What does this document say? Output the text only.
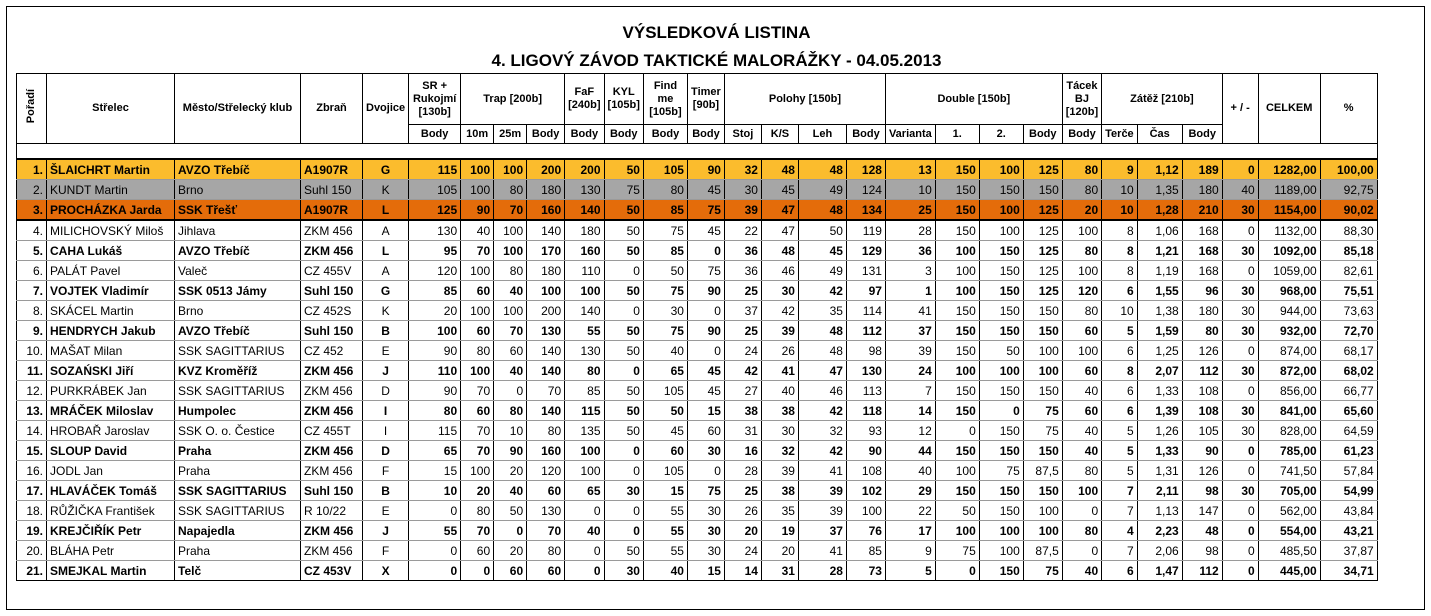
VÝSLEDKOVÁ LISTINA
4. LIGOVÝ ZÁVOD TAKTICKÉ MALORÁŽKY - 04.05.2013
Pořadí	Střelec	Město/Střelecký klub	Zbraň	Dvojice	SR + Rukojmí [130b]	Trap [200b]			FaF [240b]	KYL [105b]	Find me [105b]	Timer [90b]	Polohy [150b]				Double [150b]				Tácek BJ [120b]	Zátěž [210b]			+ / -	CELKEM	%
					Body	10m	25m	Body	Body	Body	Body	Body	Stoj	K/S	Leh	Body	Varianta	1.	2.	Body	Body	Terče	Čas	Body			

1.	ŠLAICHRT Martin	AVZO Třebíč	A1907R	G	115	100	100	200	200	50	105	90	32	48	48	128	13	150	100	125	80	9	1,12	189	0	1282,00	100,00
2.	KUNDT Martin	Brno	Suhl 150	K	105	100	80	180	130	75	80	45	30	45	49	124	10	150	150	150	80	10	1,35	180	40	1189,00	92,75
3.	PROCHÁZKA Jarda	SSK Třešť	A1907R	L	125	90	70	160	140	50	85	75	39	47	48	134	25	150	100	125	20	10	1,28	210	30	1154,00	90,02
4.	MILICHOVSKÝ Miloš	Jihlava	ZKM 456	A	130	40	100	140	180	50	75	45	22	47	50	119	28	150	100	125	100	8	1,06	168	0	1132,00	88,30
5.	CAHA Lukáš	AVZO Třebíč	ZKM 456	L	95	70	100	170	160	50	85	0	36	48	45	129	36	100	150	125	80	8	1,21	168	30	1092,00	85,18
6.	PALÁT Pavel	Valeč	CZ 455V	A	120	100	80	180	110	0	50	75	36	46	49	131	3	100	150	125	100	8	1,19	168	0	1059,00	82,61
7.	VOJTEK Vladimír	SSK 0513 Jámy	Suhl 150	G	85	60	40	100	100	50	75	90	25	30	42	97	1	100	150	125	120	6	1,55	96	30	968,00	75,51
8.	SKÁCEL Martin	Brno	CZ 452S	K	20	100	100	200	140	0	30	0	37	42	35	114	41	150	150	150	80	10	1,38	180	30	944,00	73,63
9.	HENDRYCH Jakub	AVZO Třebíč	Suhl 150	B	100	60	70	130	55	50	75	90	25	39	48	112	37	150	150	150	60	5	1,59	80	30	932,00	72,70
10.	MAŠAT Milan	SSK SAGITTARIUS	CZ 452	E	90	80	60	140	130	50	40	0	24	26	48	98	39	150	50	100	100	6	1,25	126	0	874,00	68,17
11.	SOZAŃSKI Jiří	KVZ Kroměříž	ZKM 456	J	110	100	40	140	80	0	65	45	42	41	47	130	24	100	100	100	60	8	2,07	112	30	872,00	68,02
12.	PURKRÁBEK Jan	SSK SAGITTARIUS	ZKM 456	D	90	70	0	70	85	50	105	45	27	40	46	113	7	150	150	150	40	6	1,33	108	0	856,00	66,77
13.	MRÁČEK Miloslav	Humpolec	ZKM 456	I	80	60	80	140	115	50	50	15	38	38	42	118	14	150	0	75	60	6	1,39	108	30	841,00	65,60
14.	HROBAŘ Jaroslav	SSK O. o. Čestice	CZ 455T	I	115	70	10	80	135	50	45	60	31	30	32	93	12	0	150	75	40	5	1,26	105	30	828,00	64,59
15.	SLOUP David	Praha	ZKM 456	D	65	70	90	160	100	0	60	30	16	32	42	90	44	150	150	150	40	5	1,33	90	0	785,00	61,23
16.	JODL Jan	Praha	ZKM 456	F	15	100	20	120	100	0	105	0	28	39	41	108	40	100	75	87,5	80	5	1,31	126	0	741,50	57,84
17.	HLAVÁČEK Tomáš	SSK SAGITTARIUS	Suhl 150	B	10	20	40	60	65	30	15	75	25	38	39	102	29	150	150	150	100	7	2,11	98	30	705,00	54,99
18.	RŮŽIČKA František	SSK SAGITTARIUS	R 10/22	E	0	80	50	130	0	0	55	30	26	35	39	100	22	50	150	100	0	7	1,13	147	0	562,00	43,84
19.	KREJČIŘÍK Petr	Napajedla	ZKM 456	J	55	70	0	70	40	0	55	30	20	19	37	76	17	100	100	100	80	4	2,23	48	0	554,00	43,21
20.	BLÁHA Petr	Praha	ZKM 456	F	0	60	20	80	0	50	55	30	24	20	41	85	9	75	100	87,5	0	7	2,06	98	0	485,50	37,87
21.	SMEJKAL Martin	Telč	CZ 453V	X	0	0	60	60	0	30	40	15	14	31	28	73	5	0	150	75	40	6	1,47	112	0	445,00	34,71
